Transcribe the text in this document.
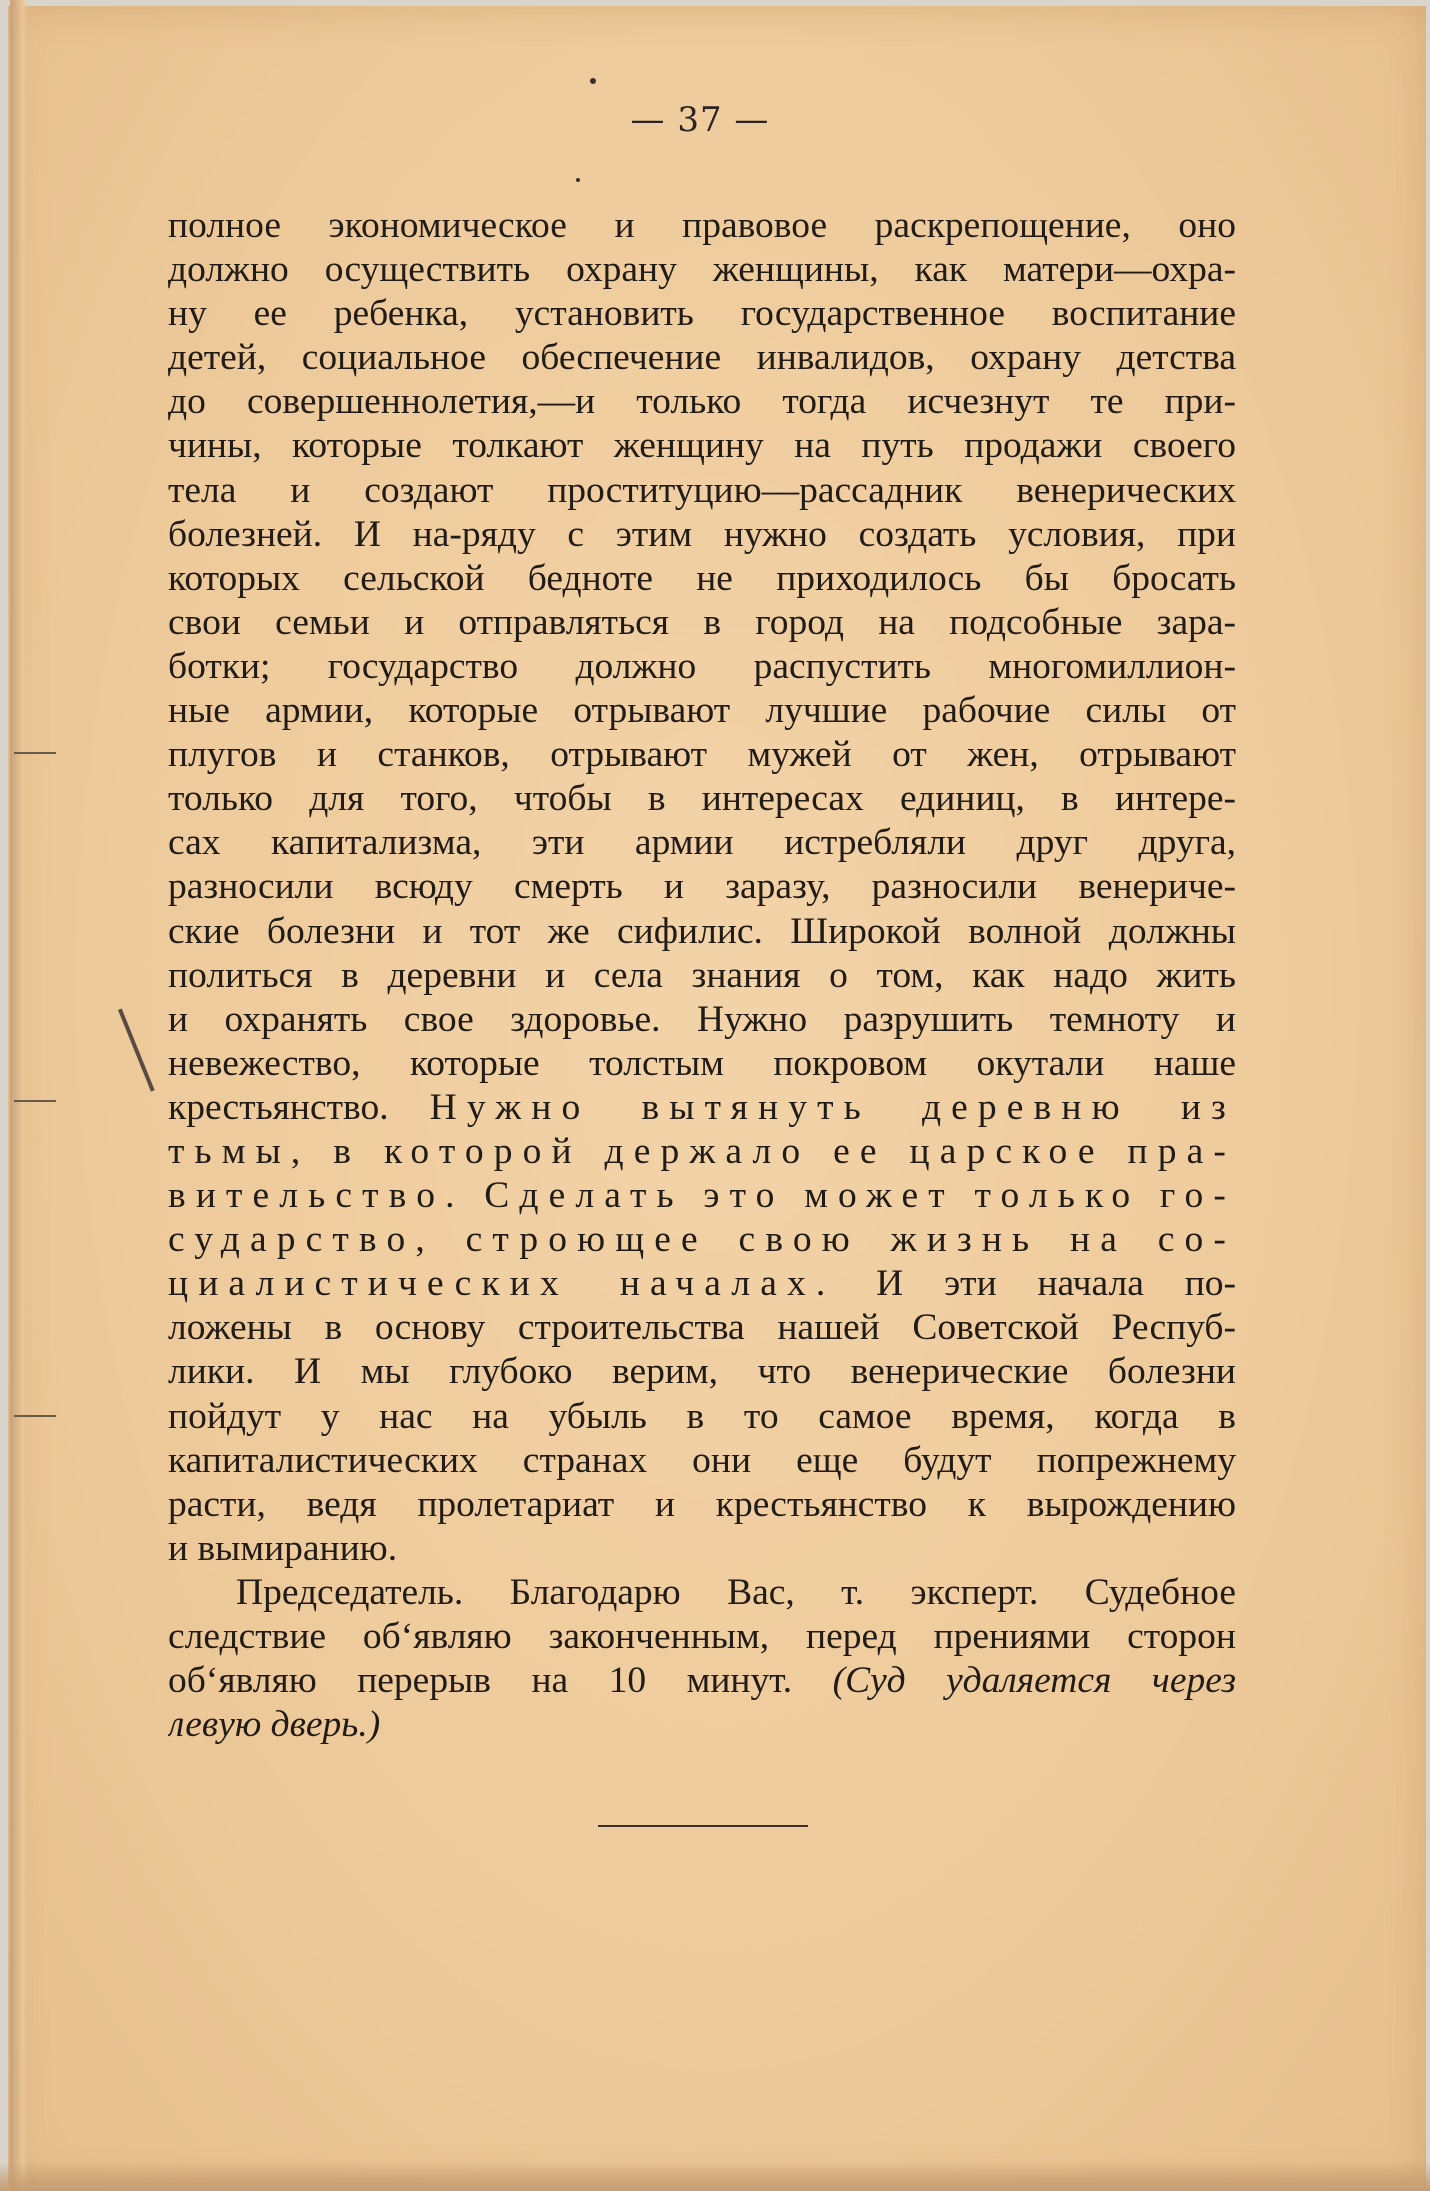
— 37 —
полное экономическое и правовое раскрепощение, оно
должно осуществить охрану женщины, как матери—охра-
ну ее ребенка, установить государственное воспитание
детей, социальное обеспечение инвалидов, охрану детства
до совершеннолетия,—и только тогда исчезнут те при-
чины, которые толкают женщину на путь продажи своего
тела и создают проституцию—рассадник венерических
болезней. И на-ряду с этим нужно создать условия, при
которых сельской бедноте не приходилось бы бросать
свои семьи и отправляться в город на подсобные зара-
ботки; государство должно распустить многомиллион-
ные армии, которые отрывают лучшие рабочие силы от
плугов и станков, отрывают мужей от жен, отрывают
только для того, чтобы в интересах единиц, в интере-
сах капитализма, эти армии истребляли друг друга,
разносили всюду смерть и заразу, разносили венериче-
ские болезни и тот же сифилис. Широкой волной должны
политься в деревни и села знания о том, как надо жить
и охранять свое здоровье. Нужно разрушить темноту и
невежество, которые толстым покровом окутали наше
крестьянство. Нужно вытянуть деревню из
тьмы, в которой держало ее царское пра-
вительство. Сделать это может только го-
сударство, строющее свою жизнь на со-
циалистических началах. И эти начала по-
ложены в основу строительства нашей Советской Респуб-
лики. И мы глубоко верим, что венерические болезни
пойдут у нас на убыль в то самое время, когда в
капиталистических странах они еще будут попрежнему
расти, ведя пролетариат и крестьянство к вырождению
и вымиранию.
Председатель. Благодарю Вас, т. эксперт. Судебное
следствие об‘являю законченным, перед прениями сторон
об‘являю перерыв на 10 минут. (Суд удаляется через
левую дверь.)
